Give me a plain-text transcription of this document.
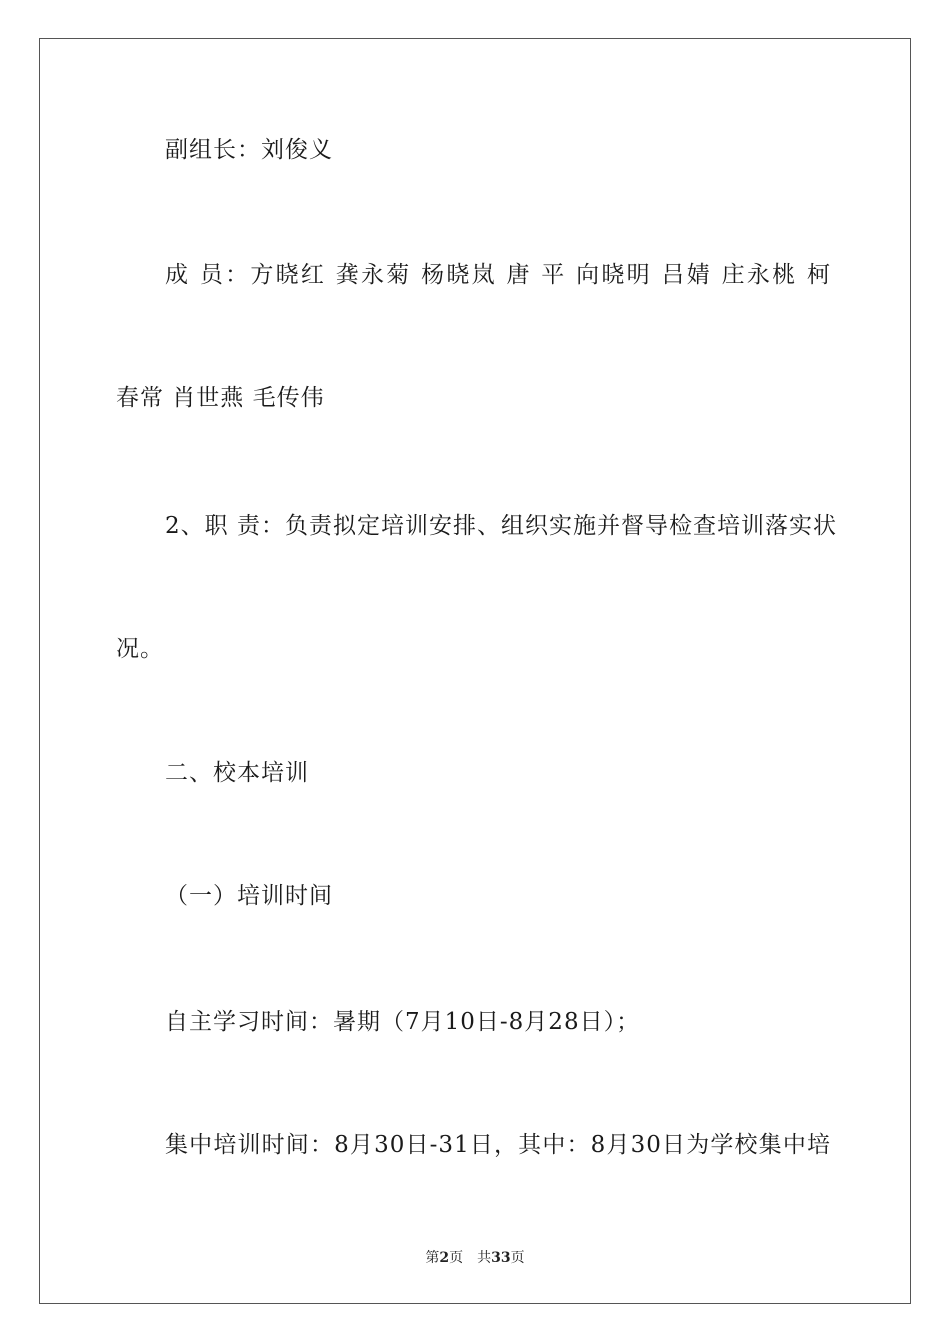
副组长：刘俊义
成 员：方晓红 龚永菊 杨晓岚 唐 平 向晓明 吕婧 庄永桃 柯
春常 肖世燕 毛传伟
2、职 责：负责拟定培训安排、组织实施并督导检查培训落实状
况。
二、校本培训
（一）培训时间
自主学习时间：暑期（7月10日-8月28日）；
集中培训时间：8月30日-31日，其中：8月30日为学校集中培
第2页 共33页
